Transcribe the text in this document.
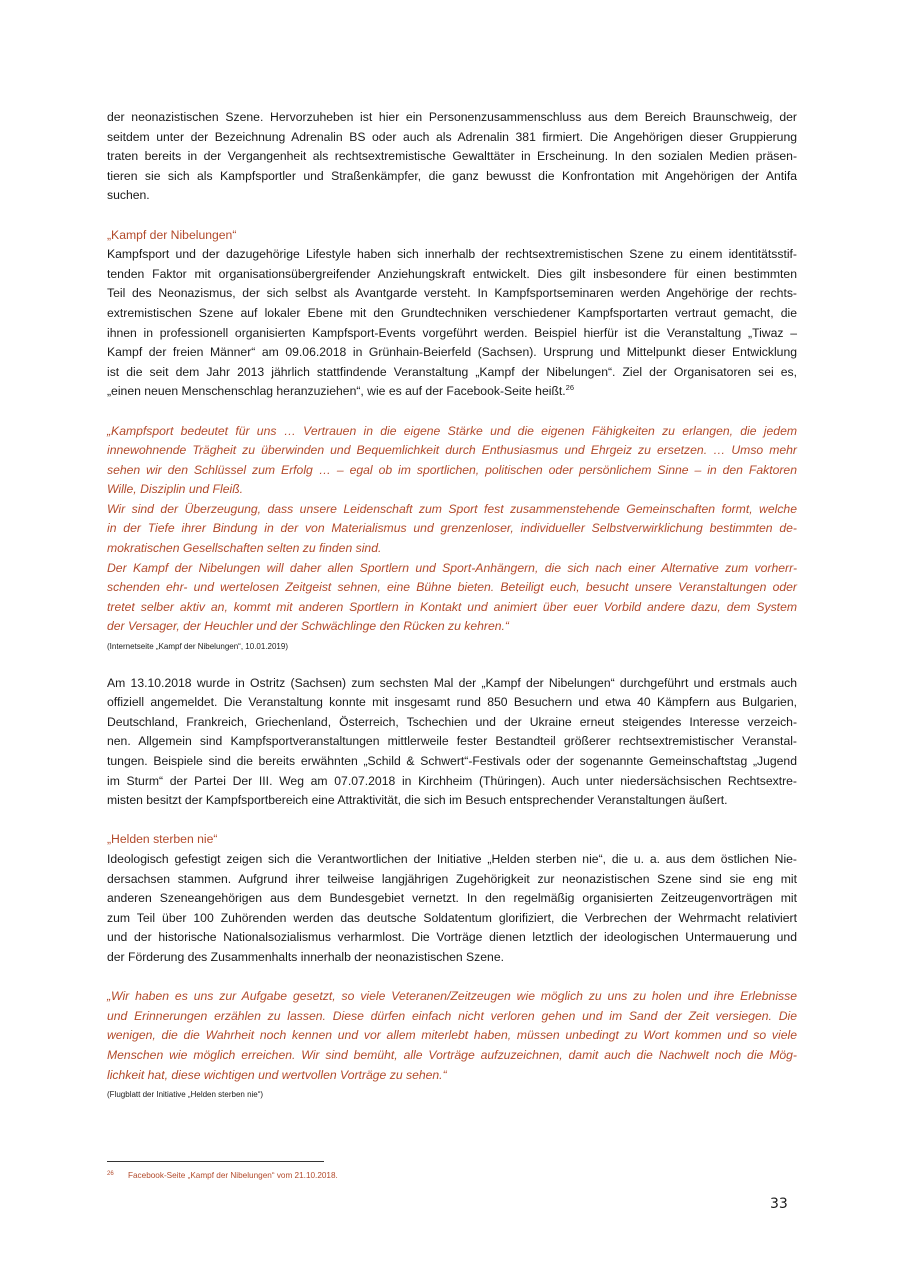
der neonazistischen Szene. Hervorzuheben ist hier ein Personenzusammenschluss aus dem Bereich Braunschweig, der
seitdem unter der Bezeichnung Adrenalin BS oder auch als Adrenalin 381 firmiert. Die Angehörigen dieser Gruppierung
traten bereits in der Vergangenheit als rechtsextremistische Gewalttäter in Erscheinung. In den sozialen Medien präsen-
tieren sie sich als Kampfsportler und Straßenkämpfer, die ganz bewusst die Konfrontation mit Angehörigen der Antifa
suchen.
„Kampf der Nibelungen“
Kampfsport und der dazugehörige Lifestyle haben sich innerhalb der rechtsextremistischen Szene zu einem identitätsstif-
tenden Faktor mit organisationsübergreifender Anziehungskraft entwickelt. Dies gilt insbesondere für einen bestimmten
Teil des Neonazismus, der sich selbst als Avantgarde versteht. In Kampfsportseminaren werden Angehörige der rechts-
extremistischen Szene auf lokaler Ebene mit den Grundtechniken verschiedener Kampfsportarten vertraut gemacht, die
ihnen in professionell organisierten Kampfsport-Events vorgeführt werden. Beispiel hierfür ist die Veranstaltung „Tiwaz –
Kampf der freien Männer“ am 09.06.2018 in Grünhain-Beierfeld (Sachsen). Ursprung und Mittelpunkt dieser Entwicklung
ist die seit dem Jahr 2013 jährlich stattfindende Veranstaltung „Kampf der Nibelungen“. Ziel der Organisatoren sei es,
„einen neuen Menschenschlag heranzuziehen“, wie es auf der Facebook-Seite heißt.$^{26}$
„Kampfsport bedeutet für uns … Vertrauen in die eigene Stärke und die eigenen Fähigkeiten zu erlangen, die jedem
innewohnende Trägheit zu überwinden und Bequemlichkeit durch Enthusiasmus und Ehrgeiz zu ersetzen. … Umso mehr
sehen wir den Schlüssel zum Erfolg … – egal ob im sportlichen, politischen oder persönlichem Sinne – in den Faktoren
Wille, Disziplin und Fleiß.
Wir sind der Überzeugung, dass unsere Leidenschaft zum Sport fest zusammenstehende Gemeinschaften formt, welche
in der Tiefe ihrer Bindung in der von Materialismus und grenzenloser, individueller Selbstverwirklichung bestimmten de-
mokratischen Gesellschaften selten zu finden sind.
Der Kampf der Nibelungen will daher allen Sportlern und Sport-Anhängern, die sich nach einer Alternative zum vorherr-
schenden ehr- und wertelosen Zeitgeist sehnen, eine Bühne bieten. Beteiligt euch, besucht unsere Veranstaltungen oder
tretet selber aktiv an, kommt mit anderen Sportlern in Kontakt und animiert über euer Vorbild andere dazu, dem System
der Versager, der Heuchler und der Schwächlinge den Rücken zu kehren.“
(Internetseite „Kampf der Nibelungen“, 10.01.2019)
Am 13.10.2018 wurde in Ostritz (Sachsen) zum sechsten Mal der „Kampf der Nibelungen“ durchgeführt und erstmals auch
offiziell angemeldet. Die Veranstaltung konnte mit insgesamt rund 850 Besuchern und etwa 40 Kämpfern aus Bulgarien,
Deutschland, Frankreich, Griechenland, Österreich, Tschechien und der Ukraine erneut steigendes Interesse verzeich-
nen. Allgemein sind Kampfsportveranstaltungen mittlerweile fester Bestandteil größerer rechtsextremistischer Veranstal-
tungen. Beispiele sind die bereits erwähnten „Schild & Schwert“-Festivals oder der sogenannte Gemeinschaftstag „Jugend
im Sturm“ der Partei Der III. Weg am 07.07.2018 in Kirchheim (Thüringen). Auch unter niedersächsischen Rechtsextre-
misten besitzt der Kampfsportbereich eine Attraktivität, die sich im Besuch entsprechender Veranstaltungen äußert.
„Helden sterben nie“
Ideologisch gefestigt zeigen sich die Verantwortlichen der Initiative „Helden sterben nie“, die u. a. aus dem östlichen Nie-
dersachsen stammen. Aufgrund ihrer teilweise langjährigen Zugehörigkeit zur neonazistischen Szene sind sie eng mit
anderen Szeneangehörigen aus dem Bundesgebiet vernetzt. In den regelmäßig organisierten Zeitzeugenvorträgen mit
zum Teil über 100 Zuhörenden werden das deutsche Soldatentum glorifiziert, die Verbrechen der Wehrmacht relativiert
und der historische Nationalsozialismus verharmlost. Die Vorträge dienen letztlich der ideologischen Untermauerung und
der Förderung des Zusammenhalts innerhalb der neonazistischen Szene.
„Wir haben es uns zur Aufgabe gesetzt, so viele Veteranen/Zeitzeugen wie möglich zu uns zu holen und ihre Erlebnisse
und Erinnerungen erzählen zu lassen. Diese dürfen einfach nicht verloren gehen und im Sand der Zeit versiegen. Die
wenigen, die die Wahrheit noch kennen und vor allem miterlebt haben, müssen unbedingt zu Wort kommen und so viele
Menschen wie möglich erreichen. Wir sind bemüht, alle Vorträge aufzuzeichnen, damit auch die Nachwelt noch die Mög-
lichkeit hat, diese wichtigen und wertvollen Vorträge zu sehen.“
(Flugblatt der Initiative „Helden sterben nie“)
26 Facebook-Seite „Kampf der Nibelungen“ vom 21.10.2018.
33
